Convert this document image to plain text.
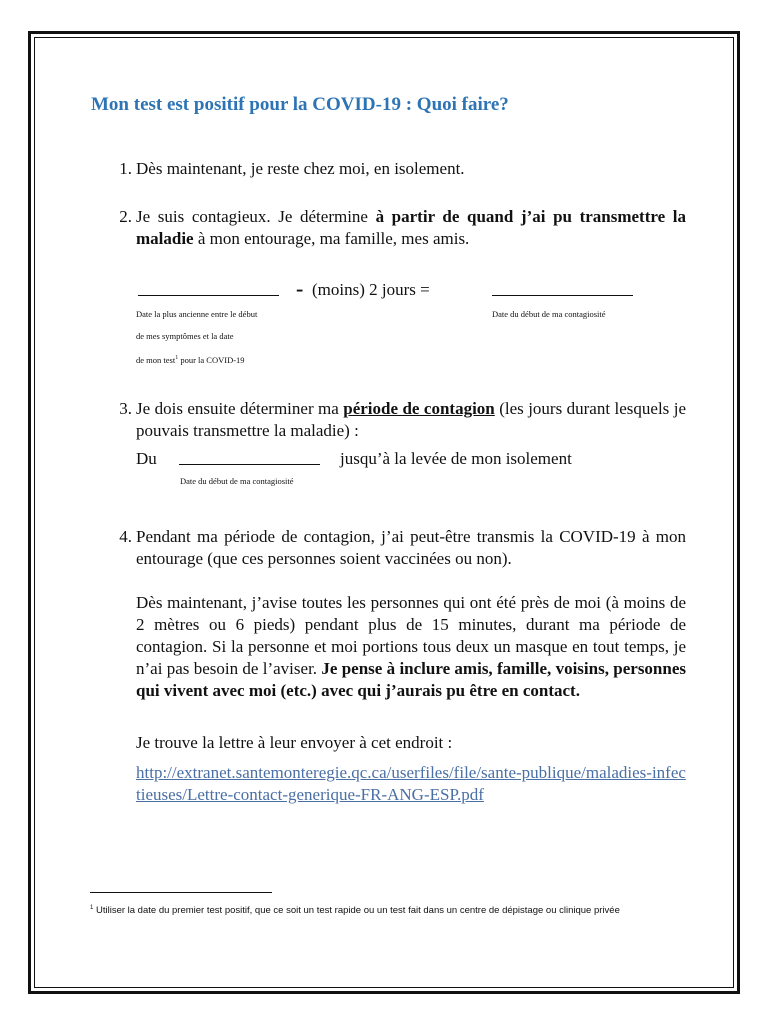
Mon test est positif pour la COVID-19 : Quoi faire?
1. Dès maintenant, je reste chez moi, en isolement.
2. Je suis contagieux. Je détermine à partir de quand j’ai pu transmettre la maladie à mon entourage, ma famille, mes amis.
- (moins) 2 jours =
Date la plus ancienne entre le début
de mes symptômes et la date
de mon test$^1$ pour la COVID-19
Date du début de ma contagiosité
3. Je dois ensuite déterminer ma période de contagion (les jours durant lesquels je pouvais transmettre la maladie) :
Du	jusqu’à la levée de mon isolement
Date du début de ma contagiosité
4. Pendant ma période de contagion, j’ai peut-être transmis la COVID-19 à mon entourage (que ces personnes soient vaccinées ou non).
Dès maintenant, j’avise toutes les personnes qui ont été près de moi (à moins de 2 mètres ou 6 pieds) pendant plus de 15 minutes, durant ma période de contagion. Si la personne et moi portions tous deux un masque en tout temps, je n’ai pas besoin de l’aviser. Je pense à inclure amis, famille, voisins, personnes qui vivent avec moi (etc.) avec qui j’aurais pu être en contact.
Je trouve la lettre à leur envoyer à cet endroit :
http://extranet.santemonteregie.qc.ca/userfiles/file/sante-publique/maladies-infectieuses/Lettre-contact-generique-FR-ANG-ESP.pdf
$^1$ Utiliser la date du premier test positif, que ce soit un test rapide ou un test fait dans un centre de dépistage ou clinique privée
